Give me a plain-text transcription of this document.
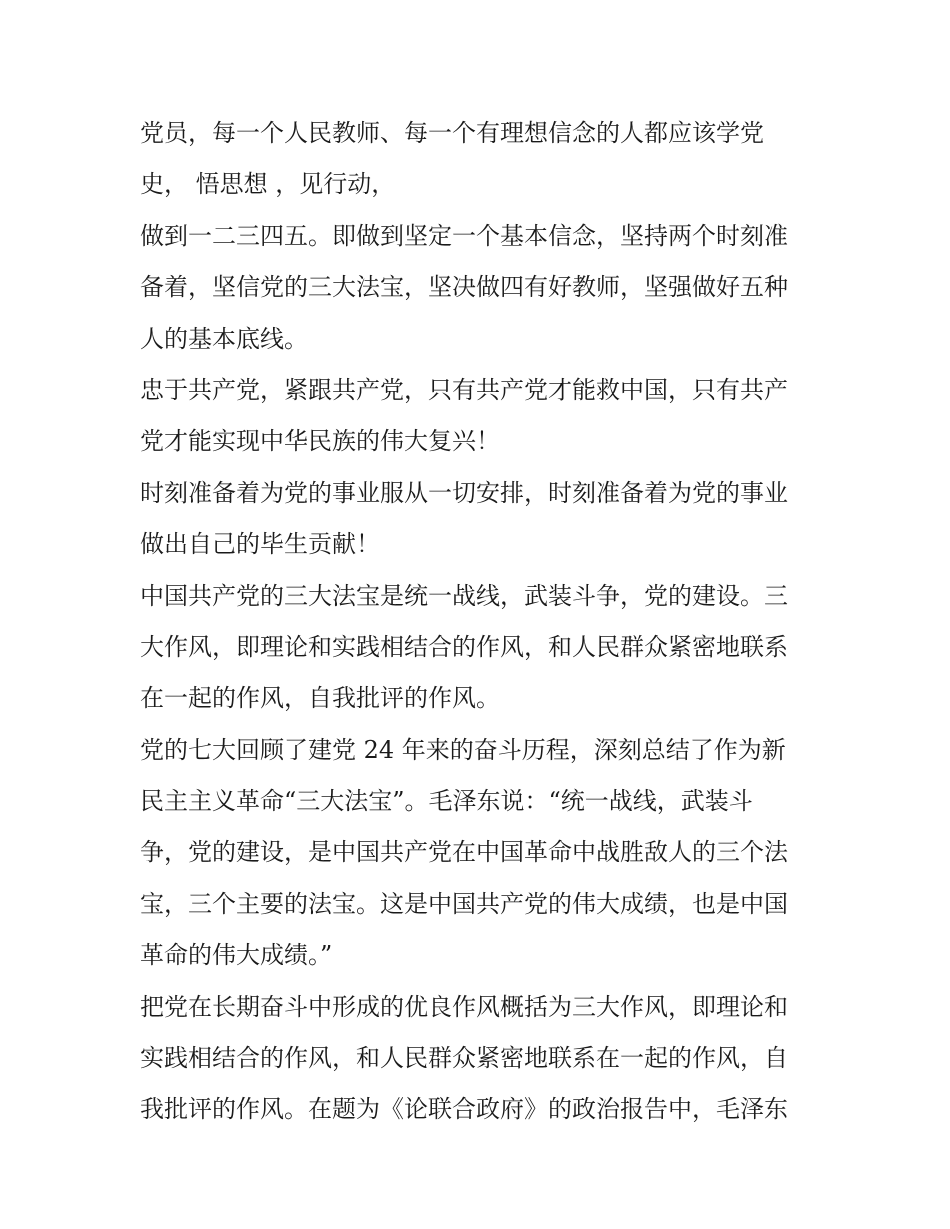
党员，每一个人民教师、每一个有理想信念的人都应该学党
史， 悟思想 ，见行动，
做到一二三四五。即做到坚定一个基本信念，坚持两个时刻准
备着，坚信党的三大法宝，坚决做四有好教师，坚强做好五种
人的基本底线。
忠于共产党，紧跟共产党，只有共产党才能救中国，只有共产
党才能实现中华民族的伟大复兴！
时刻准备着为党的事业服从一切安排，时刻准备着为党的事业
做出自己的毕生贡献！
中国共产党的三大法宝是统一战线，武装斗争，党的建设。三
大作风，即理论和实践相结合的作风，和人民群众紧密地联系
在一起的作风，自我批评的作风。
党的七大回顾了建党 24 年来的奋斗历程，深刻总结了作为新
民主主义革命“三大法宝”。毛泽东说：“统一战线，武装斗
争，党的建设，是中国共产党在中国革命中战胜敌人的三个法
宝，三个主要的法宝。这是中国共产党的伟大成绩，也是中国
革命的伟大成绩。”
把党在长期奋斗中形成的优良作风概括为三大作风，即理论和
实践相结合的作风，和人民群众紧密地联系在一起的作风，自
我批评的作风。在题为《论联合政府》的政治报告中，毛泽东
